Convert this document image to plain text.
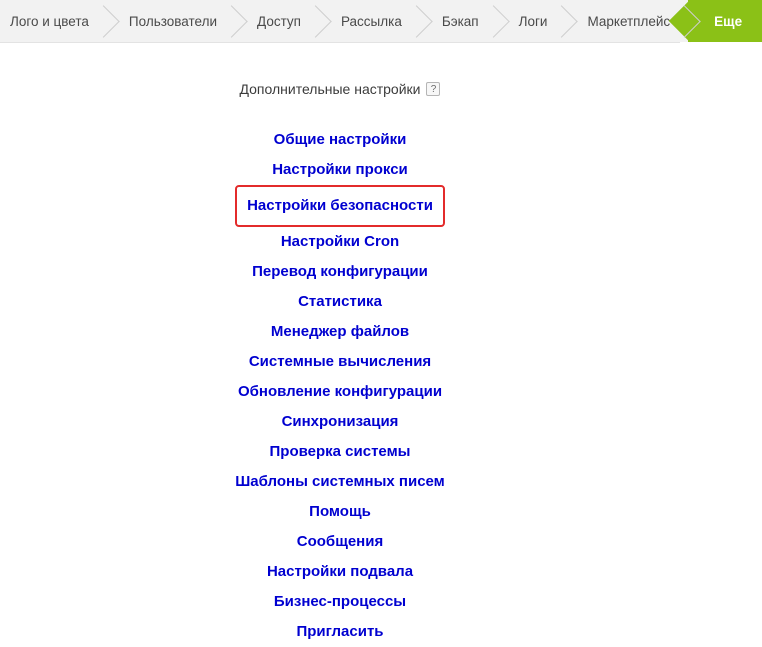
Лого и цвета	Пользователи	Доступ	Рассылка	Бэкап	Логи	Маркетплейс	Еще
Дополнительные настройки	?
Общие настройки
Настройки прокси
Настройки безопасности
Настройки Cron
Перевод конфигурации
Статистика
Менеджер файлов
Системные вычисления
Обновление конфигурации
Синхронизация
Проверка системы
Шаблоны системных писем
Помощь
Сообщения
Настройки подвала
Бизнес-процессы
Пригласить
